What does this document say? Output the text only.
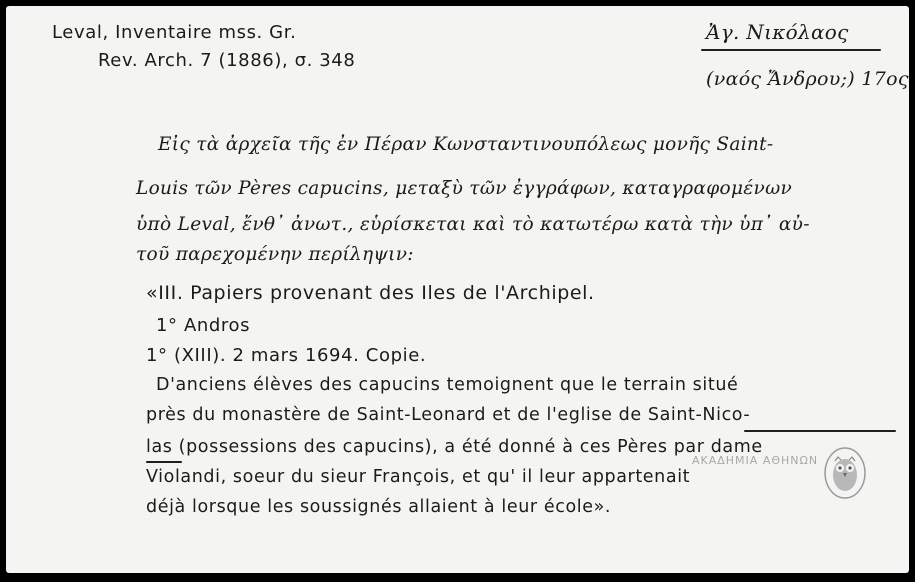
Leval, Inventaire mss. Gr.
Rev. Arch. 7 (1886), σ. 348
Ἀγ. Νικόλαος
(ναός Ἄνδρου;) 17ος
Εἰς τὰ ἀρχεῖα τῆς ἐν Πέραν Κωνσταντινουπόλεως μονῆς Saint-
Louis τῶν Pères capucins, μεταξὺ τῶν ἐγγράφων, καταγραφομένων
ὑπὸ Leval, ἔνθ᾽ ἀνωτ., εὑρίσκεται καὶ τὸ κατωτέρω κατὰ τὴν ὑπ᾽ αὐ-
τοῦ παρεχομένην περίληψιν:
«III. Papiers provenant des Iles de l'Archipel.
1° Andros
1° (XIII). 2 mars 1694. Copie.
D'anciens élèves des capucins temoignent que le terrain situé
près du monastère de Saint-Leonard et de l'eglise de Saint-Nico-
las (possessions des capucins), a été donné à ces Pères par dame
Violandi, soeur du sieur François, et qu' il leur appartenait
déjà lorsque les soussignés allaient à leur école».
ΑΚΑΔΗΜΙΑ ΑΘΗΝΩΝ
